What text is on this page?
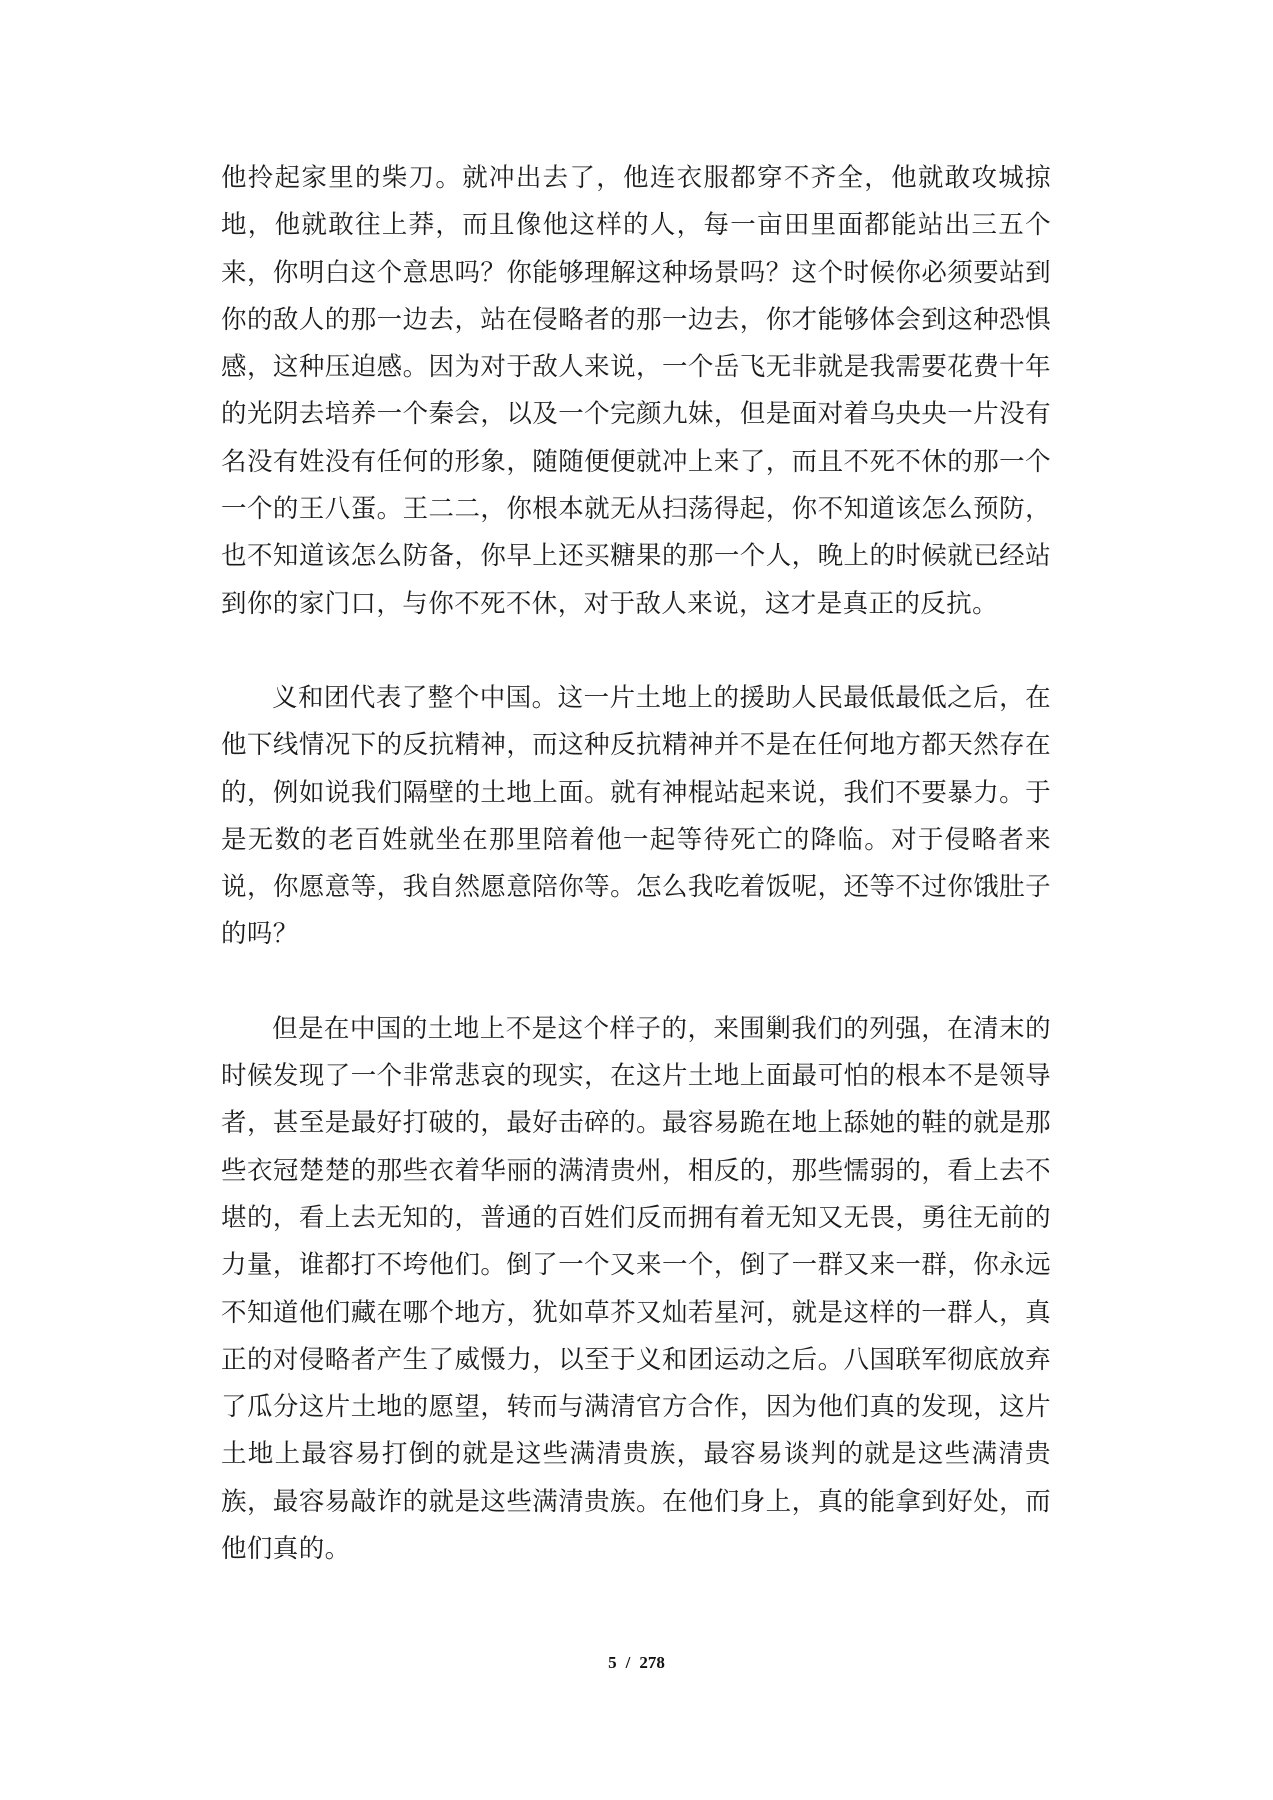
他拎起家里的柴刀。就冲出去了，他连衣服都穿不齐全，他就敢攻城掠地，他就敢往上莽，而且像他这样的人，每一亩田里面都能站出三五个来，你明白这个意思吗？你能够理解这种场景吗？这个时候你必须要站到你的敌人的那一边去，站在侵略者的那一边去，你才能够体会到这种恐惧感，这种压迫感。因为对于敌人来说，一个岳飞无非就是我需要花费十年的光阴去培养一个秦会，以及一个完颜九妹，但是面对着乌央央一片没有名没有姓没有任何的形象，随随便便就冲上来了，而且不死不休的那一个一个的王八蛋。王二二，你根本就无从扫荡得起，你不知道该怎么预防，也不知道该怎么防备，你早上还买糖果的那一个人，晚上的时候就已经站到你的家门口，与你不死不休，对于敌人来说，这才是真正的反抗。

义和团代表了整个中国。这一片土地上的援助人民最低最低之后，在他下线情况下的反抗精神，而这种反抗精神并不是在任何地方都天然存在的，例如说我们隔壁的土地上面。就有神棍站起来说，我们不要暴力。于是无数的老百姓就坐在那里陪着他一起等待死亡的降临。对于侵略者来说，你愿意等，我自然愿意陪你等。怎么我吃着饭呢，还等不过你饿肚子的吗？

但是在中国的土地上不是这个样子的，来围剿我们的列强，在清末的时候发现了一个非常悲哀的现实，在这片土地上面最可怕的根本不是领导者，甚至是最好打破的，最好击碎的。最容易跪在地上舔她的鞋的就是那些衣冠楚楚的那些衣着华丽的满清贵州，相反的，那些懦弱的，看上去不堪的，看上去无知的，普通的百姓们反而拥有着无知又无畏，勇往无前的力量，谁都打不垮他们。倒了一个又来一个，倒了一群又来一群，你永远不知道他们藏在哪个地方，犹如草芥又灿若星河，就是这样的一群人，真正的对侵略者产生了威慑力，以至于义和团运动之后。八国联军彻底放弃了瓜分这片土地的愿望，转而与满清官方合作，因为他们真的发现，这片土地上最容易打倒的就是这些满清贵族，最容易谈判的就是这些满清贵族，最容易敲诈的就是这些满清贵族。在他们身上，真的能拿到好处，而他们真的。

5 / 278
